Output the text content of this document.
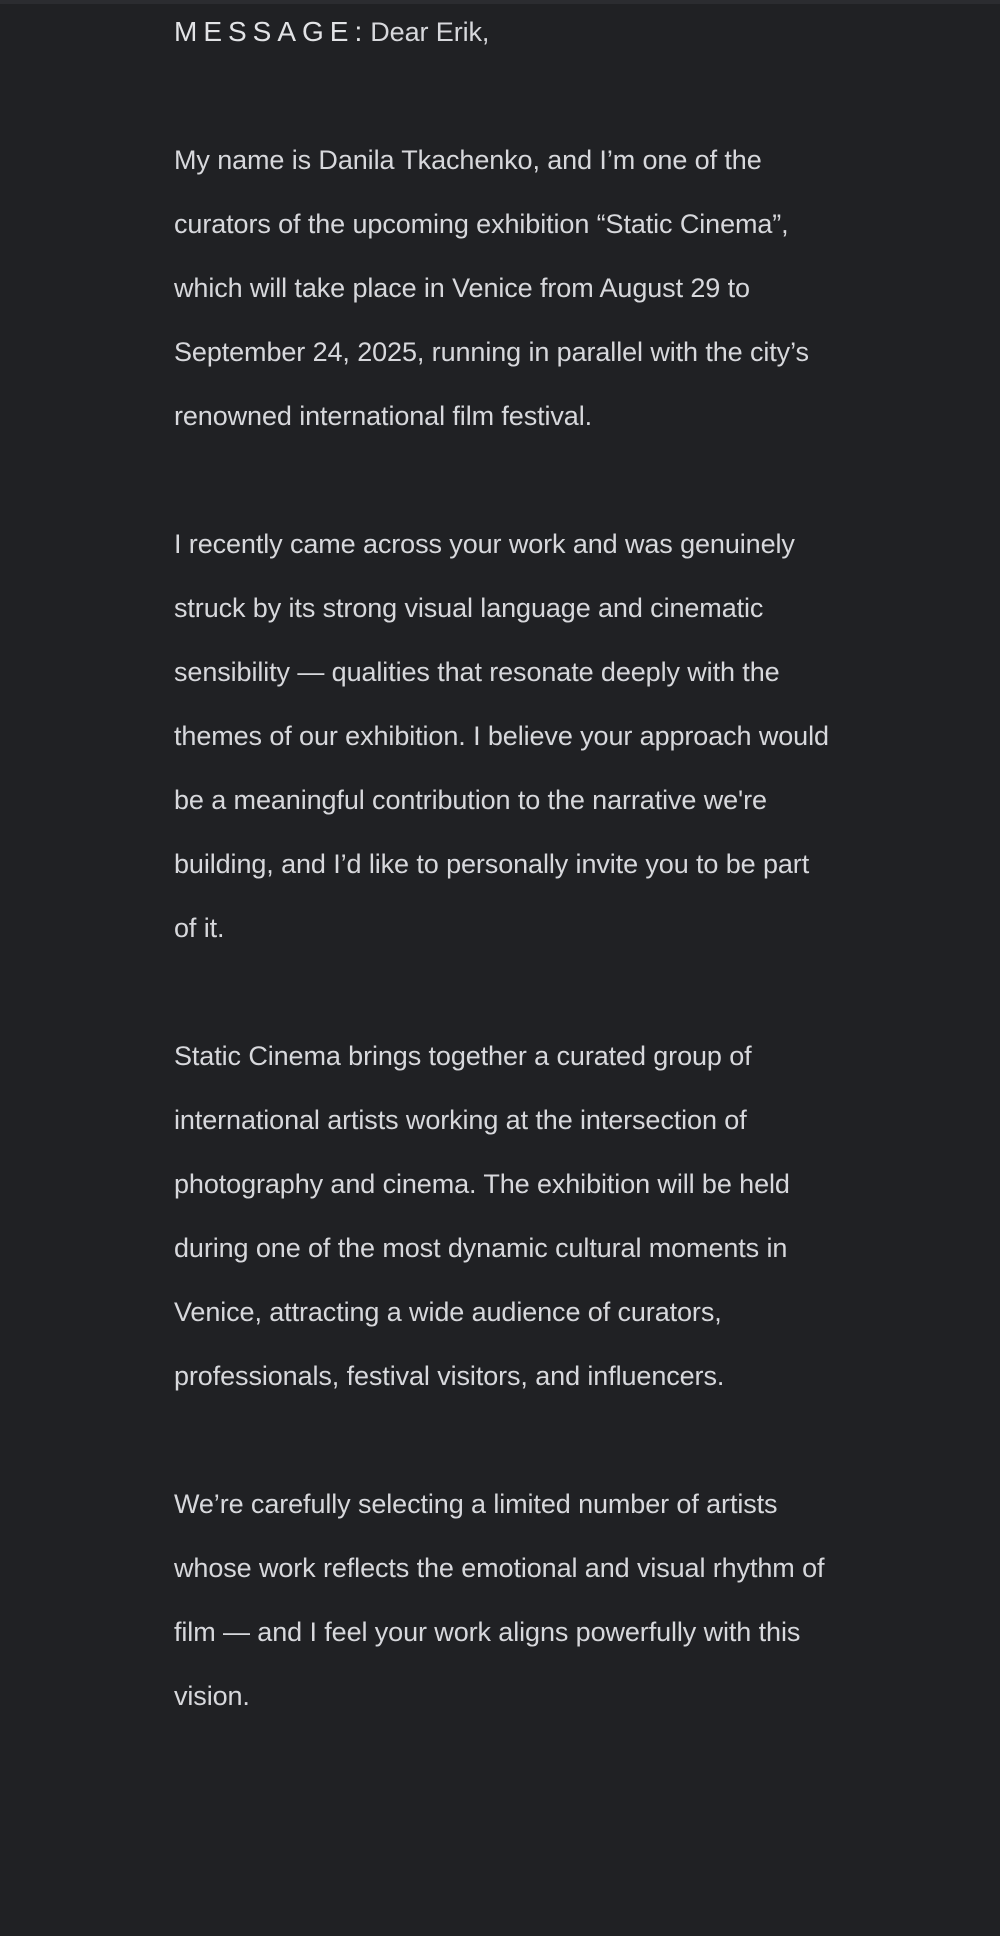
MESSAGE:Dear Erik,

My name is Danila Tkachenko, and I’m one of the curators of the upcoming exhibition “Static Cinema”, which will take place in Venice from August 29 to September 24, 2025, running in parallel with the city’s renowned international film festival.

I recently came across your work and was genuinely struck by its strong visual language and cinematic sensibility — qualities that resonate deeply with the themes of our exhibition. I believe your approach would be a meaningful contribution to the narrative we're building, and I’d like to personally invite you to be part of it.

Static Cinema brings together a curated group of international artists working at the intersection of photography and cinema. The exhibition will be held during one of the most dynamic cultural moments in Venice, attracting a wide audience of curators, professionals, festival visitors, and influencers.

We’re carefully selecting a limited number of artists whose work reflects the emotional and visual rhythm of film — and I feel your work aligns powerfully with this vision.
